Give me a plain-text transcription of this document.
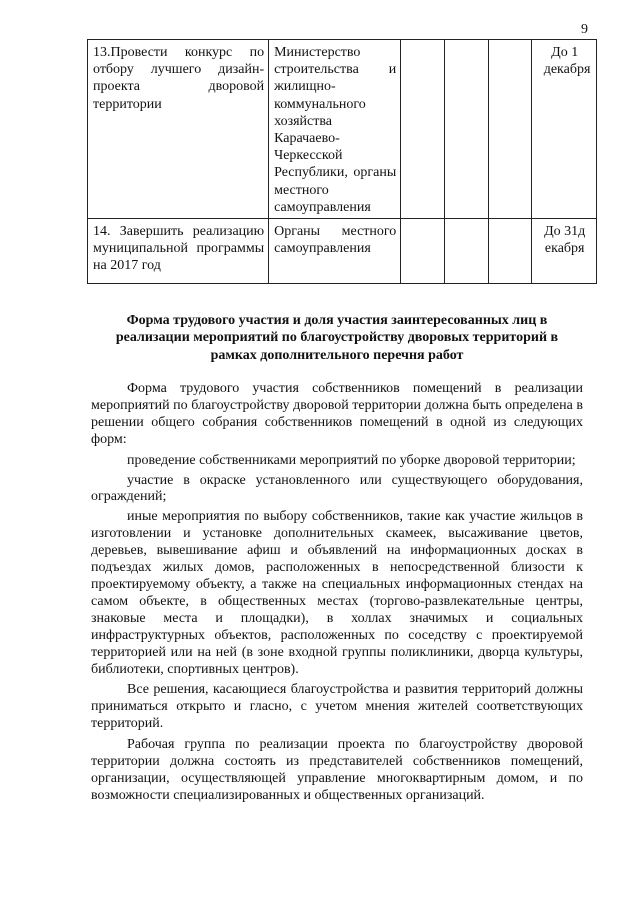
9
13.Провести конкурс по отбору лучшего дизайн-проекта дворовой территории	Министерство строительства и жилищно-коммунального хозяйства Карачаево-Черкесской Республики, органы местного самоуправления				До 1 декабря

14. Завершить реализацию муниципальной программы на 2017 год	Органы местного самоуправления				До 31декабря
Форма трудового участия и доля участия заинтересованных лиц в реализации мероприятий по благоустройству дворовых территорий в рамках дополнительного перечня работ

Форма трудового участия собственников помещений в реализации мероприятий по благоустройству дворовой территории должна быть определена в решении общего собрания собственников помещений в одной из следующих форм:

проведение собственниками мероприятий по уборке дворовой территории;

участие в окраске установленного или существующего оборудования, ограждений;

иные мероприятия по выбору собственников, такие как участие жильцов в изготовлении и установке дополнительных скамеек, высаживание цветов, деревьев, вывешивание афиш и объявлений на информационных досках в подъездах жилых домов, расположенных в непосредственной близости к проектируемому объекту, а также на специальных информационных стендах на самом объекте, в общественных местах (торгово-развлекательные центры, знаковые места и площадки), в холлах значимых и социальных инфраструктурных объектов, расположенных по соседству с проектируемой территорией или на ней (в зоне входной группы поликлиники, дворца культуры, библиотеки, спортивных центров).

Все решения, касающиеся благоустройства и развития территорий должны приниматься открыто и гласно, с учетом мнения жителей соответствующих территорий.

Рабочая группа по реализации проекта по благоустройству дворовой территории должна состоять из представителей собственников помещений, организации, осуществляющей управление многоквартирным домом, и по возможности специализированных и общественных организаций.
